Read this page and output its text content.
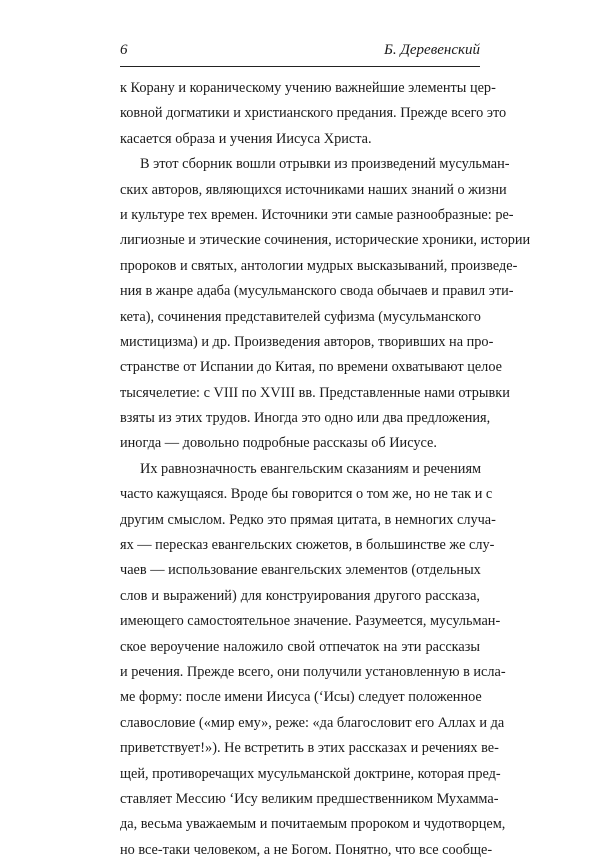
6	Б. Деревенский
к Корану и кораническому учению важнейшие элементы цер-
ковной догматики и христианского предания. Прежде всего это
касается образа и учения Иисуса Христа.
В этот сборник вошли отрывки из произведений мусульман-
ских авторов, являющихся источниками наших знаний о жизни
и культуре тех времен. Источники эти самые разнообразные: ре-
лигиозные и этические сочинения, исторические хроники, истории
пророков и святых, антологии мудрых высказываний, произведе-
ния в жанре адаба (мусульманского свода обычаев и правил эти-
кета), сочинения представителей суфизма (мусульманского
мистицизма) и др. Произведения авторов, творивших на про-
странстве от Испании до Китая, по времени охватывают целое
тысячелетие: с VIII по XVIII вв. Представленные нами отрывки
взяты из этих трудов. Иногда это одно или два предложения,
иногда — довольно подробные рассказы об Иисусе.
Их равнозначность евангельским сказаниям и речениям
часто кажущаяся. Вроде бы говорится о том же, но не так и с
другим смыслом. Редко это прямая цитата, в немногих случа-
ях — пересказ евангельских сюжетов, в большинстве же слу-
чаев — использование евангельских элементов (отдельных
слов и выражений) для конструирования другого рассказа,
имеющего самостоятельное значение. Разумеется, мусульман-
ское вероучение наложило свой отпечаток на эти рассказы
и речения. Прежде всего, они получили установленную в исла-
ме форму: после имени Иисуса (‘Исы) следует положенное
славословие («мир ему», реже: «да благословит его Аллах и да
приветствует!»). Не встретить в этих рассказах и речениях ве-
щей, противоречащих мусульманской доктрине, которая пред-
ставляет Мессию ‘Ису великим предшественником Мухамма-
да, весьма уважаемым и почитаемым пророком и чудотворцем,
но все-таки человеком, а не Богом. Понятно, что все сообще-
